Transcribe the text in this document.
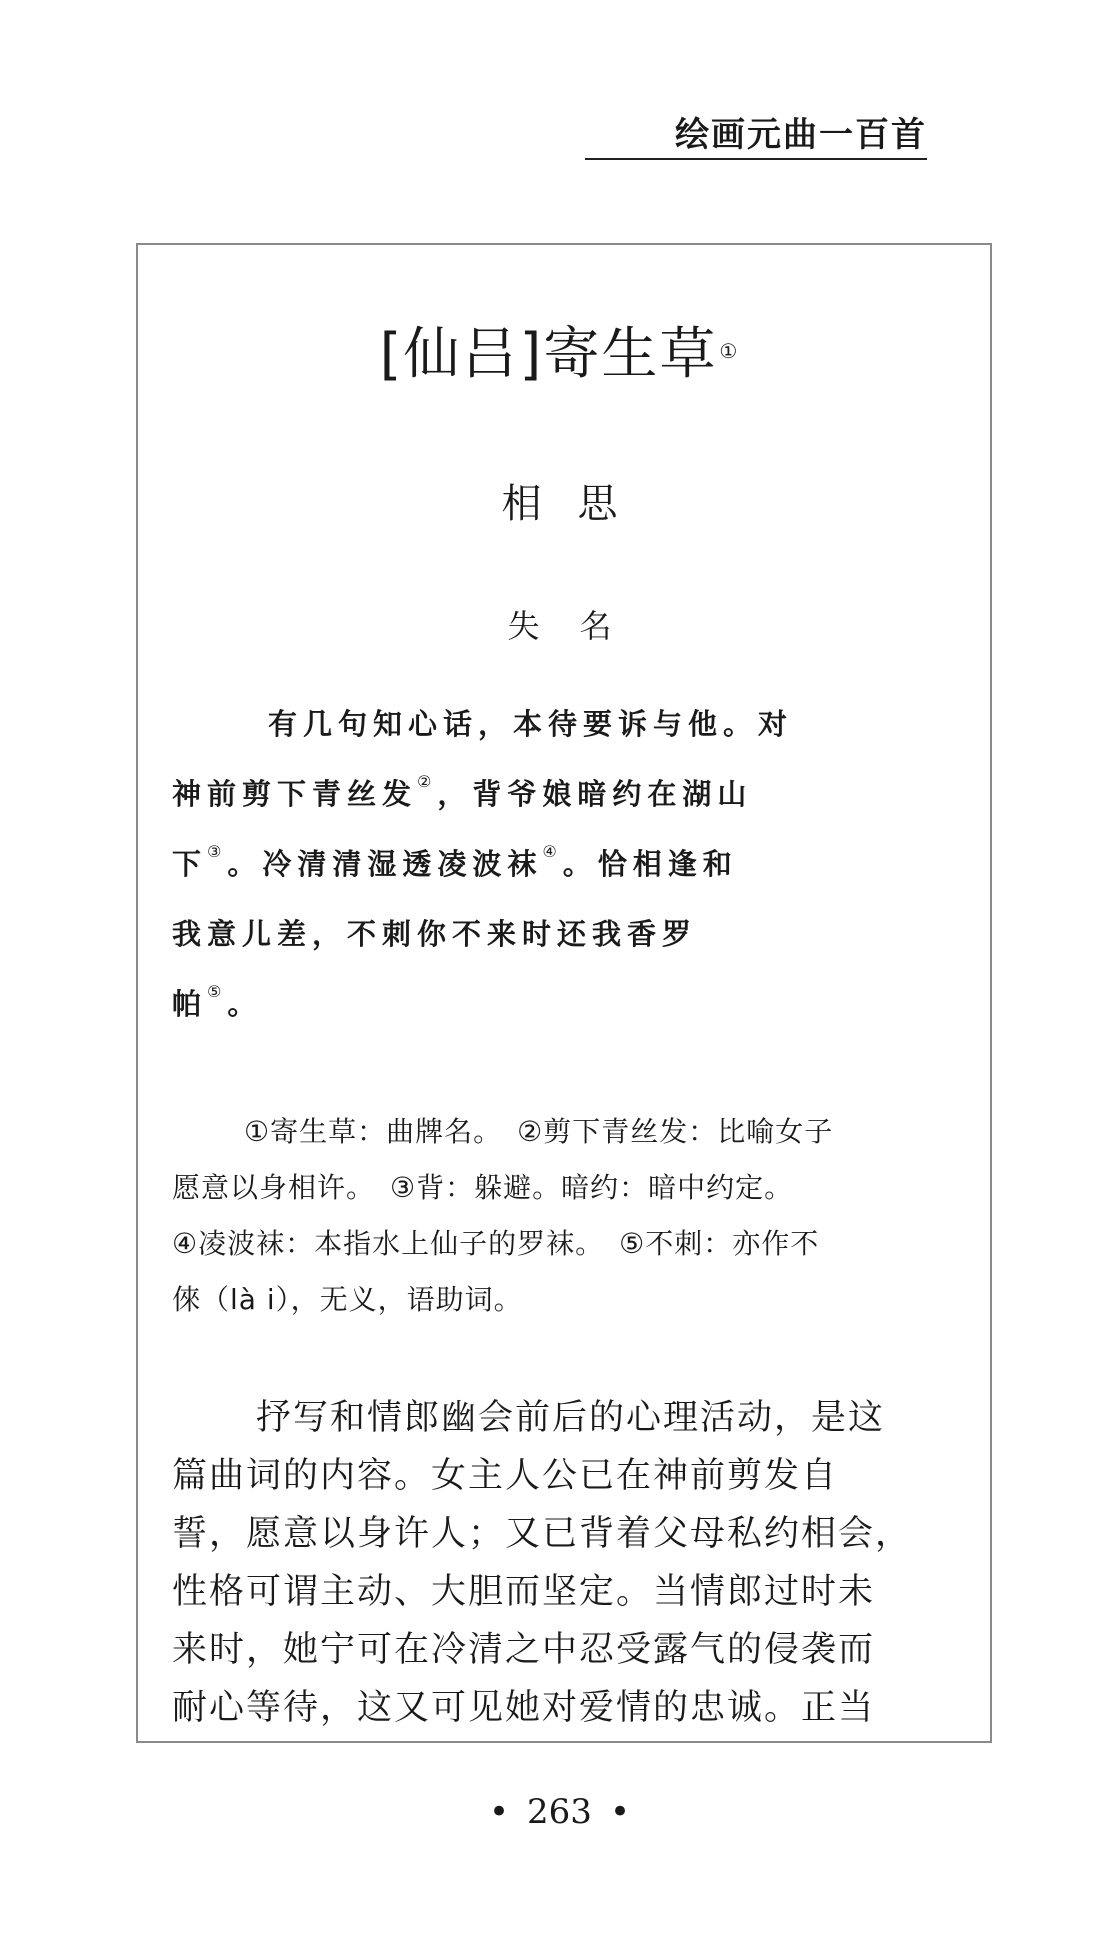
绘画元曲一百首
[仙吕]寄生草 ①
相思
失名
有几句知心话，本待要诉与他。对
神前剪下青丝发②，背爷娘暗约在湖山
下③。冷清清湿透凌波袜④。恰相逢和
我意儿差，不刺你不来时还我香罗
帕⑤。
①寄生草：曲牌名。　②剪下青丝发：比喻女子
愿意以身相许。　③背：躲避。暗约：暗中约定。
④凌波袜：本指水上仙子的罗袜。　⑤不刺：亦作不
倈（là i），无义，语助词。
抒写和情郎幽会前后的心理活动，是这
篇曲词的内容。女主人公已在神前剪发自
誓，愿意以身许人；又已背着父母私约相会，
性格可谓主动、大胆而坚定。当情郎过时未
来时，她宁可在冷清之中忍受露气的侵袭而
耐心等待，这又可见她对爱情的忠诚。正当
• 263 •
